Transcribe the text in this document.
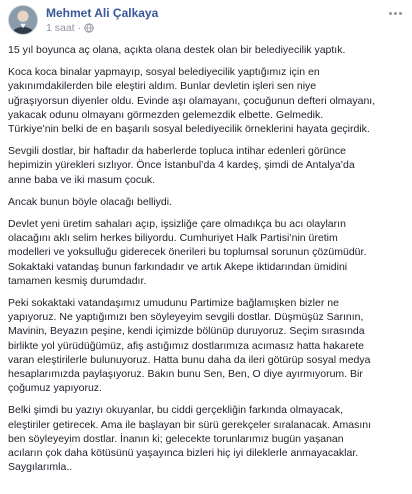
Mehmet Ali Çalkaya
1 saat ·

15 yıl boyunca aç olana, açıkta olana destek olan bir belediyecilik yaptık.

Koca koca binalar yapmayıp, sosyal belediyecilik yaptığımız için en
yakınımdakilerden bile eleştiri aldım. Bunlar devletin işleri sen niye
uğraşıyorsun diyenler oldu. Evinde aşı olamayanı, çocuğunun defteri olmayanı,
yakacak odunu olmayanı görmezden gelemezdik elbette. Gelmedik.
Türkiye’nin belki de en başarılı sosyal belediyecilik örneklerini hayata geçirdik.

Sevgili dostlar, bir haftadır da haberlerde topluca intihar edenleri görünce
hepimizin yürekleri sızlıyor. Önce İstanbul’da 4 kardeş, şimdi de Antalya’da
anne baba ve iki masum çocuk.

Ancak bunun böyle olacağı belliydi.

Devlet yeni üretim sahaları açıp, işsizliğe çare olmadıkça bu acı olayların
olacağını aklı selim herkes biliyordu. Cumhuriyet Halk Partisi’nin üretim
modelleri ve yoksulluğu giderecek önerileri bu toplumsal sorunun çözümüdür.
Sokaktaki vatandaş bunun farkındadır ve artık Akepe iktidarından ümidini
tamamen kesmiş durumdadır.

Peki sokaktaki vatandaşımız umudunu Partimize bağlamışken bizler ne
yapıyoruz. Ne yaptığımızı ben söyleyeyim sevgili dostlar. Düşmüşüz Sarının,
Mavinin, Beyazın peşine, kendi içimizde bölünüp duruyoruz. Seçim sırasında
birlikte yol yürüdüğümüz, afiş astığımız dostlarımıza acımasız hatta hakarete
varan eleştirilerle bulunuyoruz. Hatta bunu daha da ileri götürüp sosyal medya
hesaplarımızda paylaşıyoruz. Bakın bunu Sen, Ben, O diye ayırmıyorum. Bir
çoğumuz yapıyoruz.

Belki şimdi bu yazıyı okuyanlar, bu ciddi gerçekliğin farkında olmayacak,
eleştiriler getirecek. Ama ile başlayan bir sürü gerekçeler sıralanacak. Amasını
ben söyleyeyim dostlar. İnanın ki; gelecekte torunlarımız bugün yaşanan
acıların çok daha kötüsünü yaşayınca bizleri hiç iyi dileklerle anmayacaklar.
Saygılarımla..
